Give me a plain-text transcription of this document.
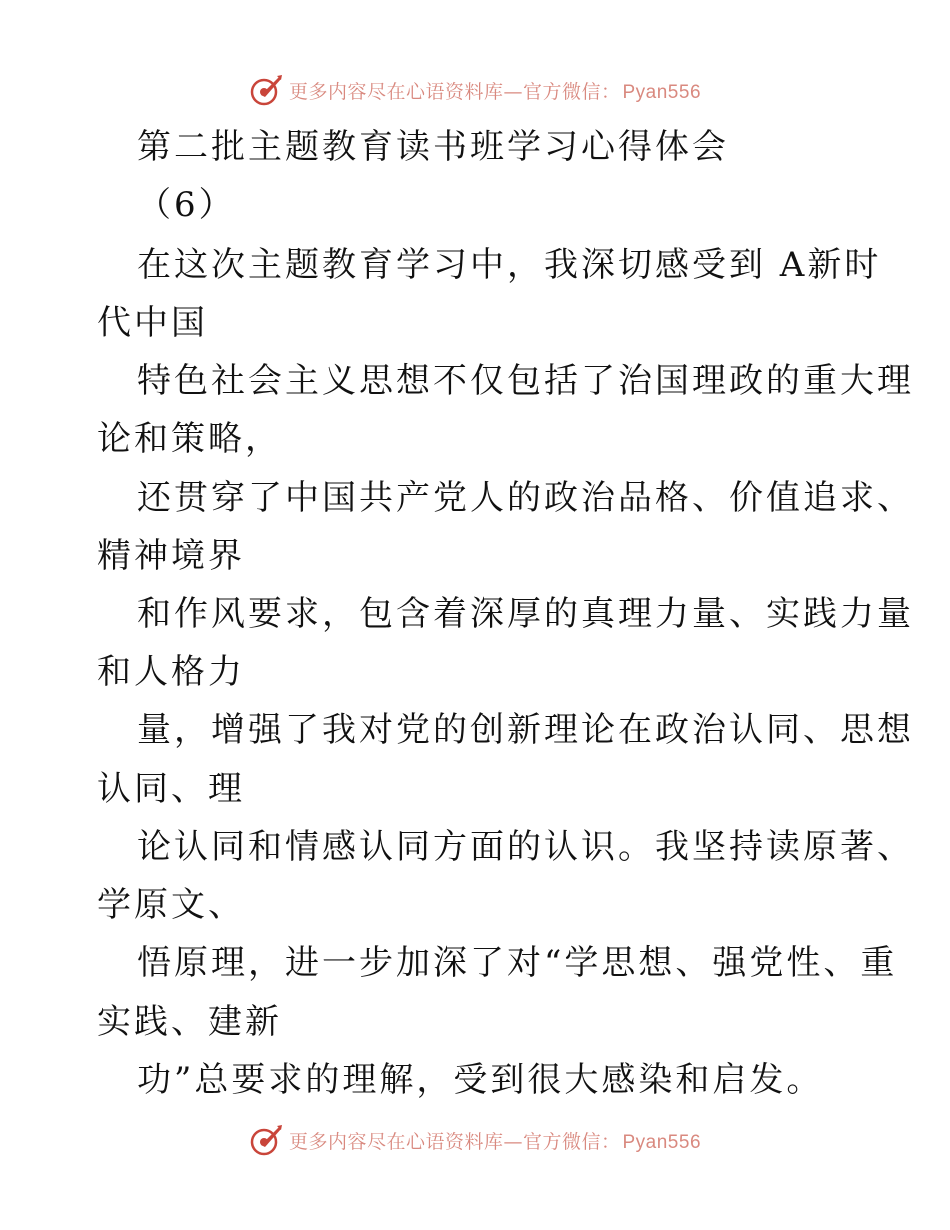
更多内容尽在心语资料库—官方微信： Pyan556
第二批主题教育读书班学习心得体会
（6）
在这次主题教育学习中，我深切感受到 A新时
代中国
特色社会主义思想不仅包括了治国理政的重大理
论和策略，
还贯穿了中国共产党人的政治品格、价值追求、
精神境界
和作风要求，包含着深厚的真理力量、实践力量
和人格力
量，增强了我对党的创新理论在政治认同、思想
认同、理
论认同和情感认同方面的认识。我坚持读原著、
学原文、
悟原理，进一步加深了对“学思想、强党性、重
实践、建新
功”总要求的理解，受到很大感染和启发。
更多内容尽在心语资料库—官方微信： Pyan556
